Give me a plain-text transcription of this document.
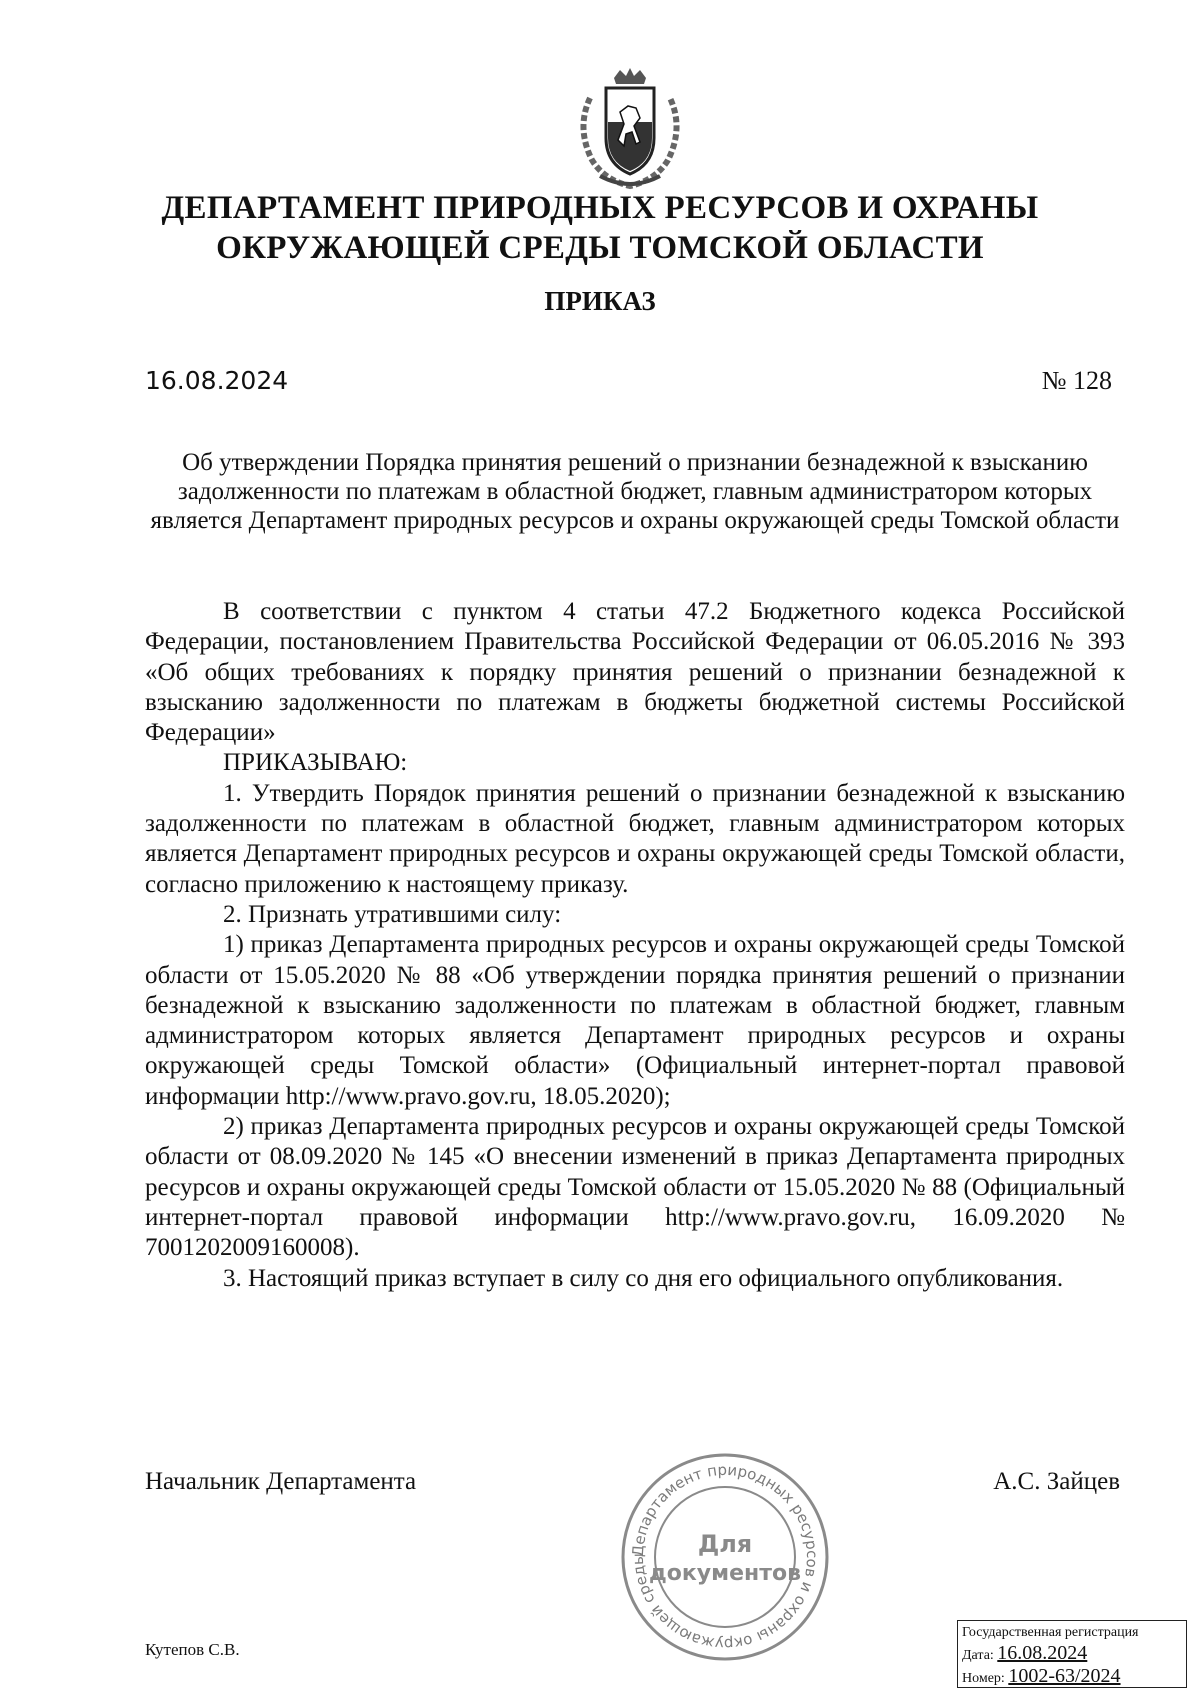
ДЕПАРТАМЕНТ ПРИРОДНЫХ РЕСУРСОВ И ОХРАНЫ
ОКРУЖАЮЩЕЙ СРЕДЫ ТОМСКОЙ ОБЛАСТИ
ПРИКАЗ
16.08.2024	№ 128
Об утверждении Порядка принятия решений о признании безнадежной к взысканию задолженности по платежам в областной бюджет, главным администратором которых является Департамент природных ресурсов и охраны окружающей среды Томской области

В соответствии с пунктом 4 статьи 47.2 Бюджетного кодекса Российской Федерации, постановлением Правительства Российской Федерации от 06.05.2016 № 393 «Об общих требованиях к порядку принятия решений о признании безнадежной к взысканию задолженности по платежам в бюджеты бюджетной системы Российской Федерации»

ПРИКАЗЫВАЮ:

1. Утвердить Порядок принятия решений о признании безнадежной к взысканию задолженности по платежам в областной бюджет, главным администратором которых является Департамент природных ресурсов и охраны окружающей среды Томской области, согласно приложению к настоящему приказу.

2. Признать утратившими силу:

1) приказ Департамента природных ресурсов и охраны окружающей среды Томской области от 15.05.2020 № 88 «Об утверждении порядка принятия решений о признании безнадежной к взысканию задолженности по платежам в областной бюджет, главным администратором которых является Департамент природных ресурсов и охраны окружающей среды Томской области» (Официальный интернет-портал правовой информации http://www.pravo.gov.ru, 18.05.2020);

2) приказ Департамента природных ресурсов и охраны окружающей среды Томской области от 08.09.2020 № 145 «О внесении изменений в приказ Департамента природных ресурсов и охраны окружающей среды Томской области от 15.05.2020 № 88 (Официальный интернет-портал правовой информации http://www.pravo.gov.ru, 16.09.2020 № 7001202009160008).

3. Настоящий приказ вступает в силу со дня его официального опубликования.

Начальник Департамента	А.С. Зайцев
Департамент природных ресурсов и охраны окружающей среды
Для
документов
Кутепов С.В.
Государственная регистрация
Дата: 16.08.2024
Номер: 1002-63/2024
